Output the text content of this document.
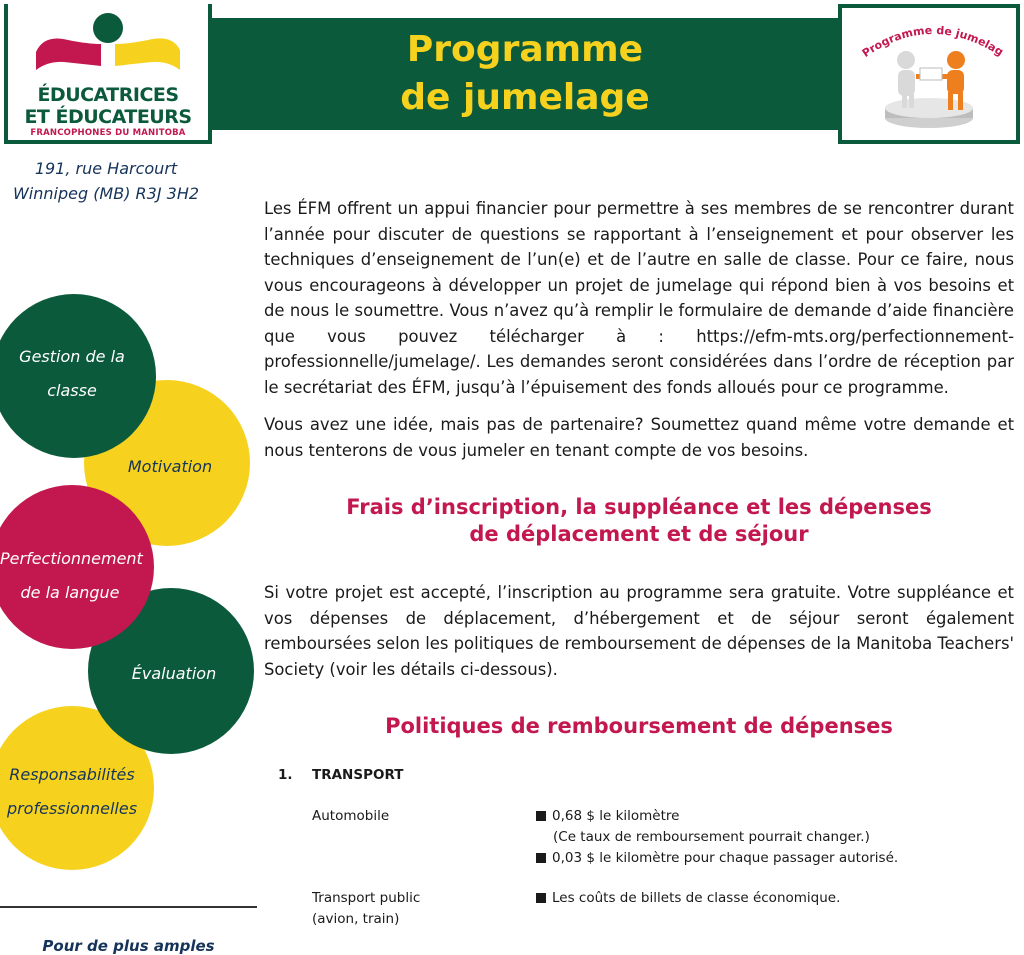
Programme
de jumelage
ÉDUCATRICES
ET ÉDUCATEURS
FRANCOPHONES DU MANITOBA
Programme de jumelag
191, rue Harcourt
Winnipeg (MB) R3J 3H2
Gestion de la
classe
Motivation
Perfectionnement
de la langue
Évaluation
Responsabilités
professionnelles
Pour de plus amples
Les ÉFM offrent un appui financier pour permettre à ses membres de se rencontrer durant l’année pour discuter de questions se rapportant à l’enseignement et pour observer les techniques d’enseignement de l’un(e) et de l’autre en salle de classe. Pour ce faire, nous vous encourageons à développer un projet de jumelage qui répond bien à vos besoins et de nous le soumettre. Vous n’avez qu’à remplir le formulaire de demande d’aide financière que vous pouvez télécharger à : https://efm-mts.org/perfectionnement-professionnelle/jumelage/. Les demandes seront considérées dans l’ordre de réception par le secrétariat des ÉFM, jusqu’à l’épuisement des fonds alloués pour ce programme.
Vous avez une idée, mais pas de partenaire? Soumettez quand même votre demande et nous tenterons de vous jumeler en tenant compte de vos besoins.
Frais d’inscription, la suppléance et les dépenses
de déplacement et de séjour
Si votre projet est accepté, l’inscription au programme sera gratuite. Votre suppléance et vos dépenses de déplacement, d’hébergement et de séjour seront également remboursées selon les politiques de remboursement de dépenses de la Manitoba Teachers' Society (voir les détails ci-dessous).
Politiques de remboursement de dépenses
1. TRANSPORT
Automobile	0,68 $ le kilomètre
(Ce taux de remboursement pourrait changer.)
0,03 $ le kilomètre pour chaque passager autorisé.
Transport public
(avion, train)
Les coûts de billets de classe économique.
